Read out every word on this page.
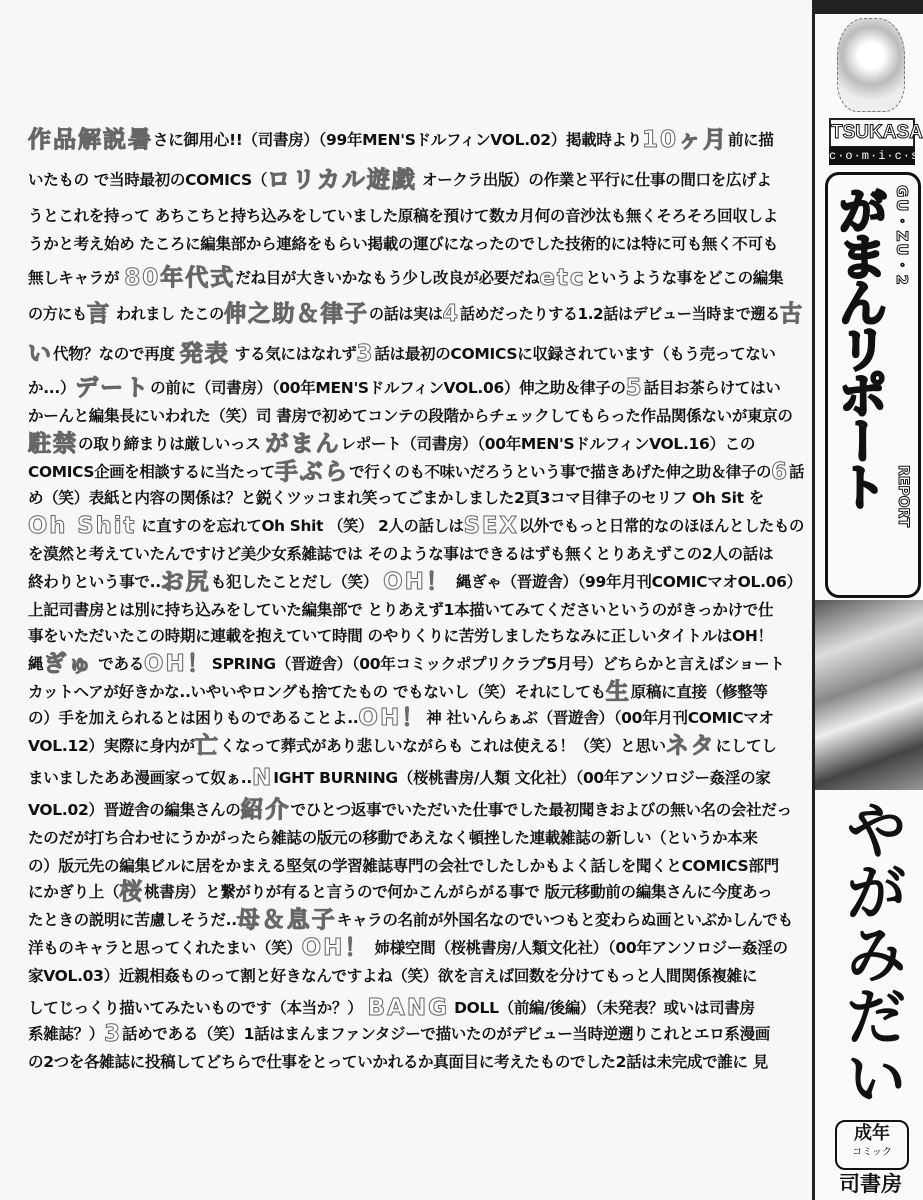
作品解説暑さに御用心!!（司書房）（99年MEN'SドルフィンVOL.02）掲載時より10ヶ月前に描
いたもの で当時最初のCOMICS（ロリカル遊戯 オークラ出版）の作業と平行に仕事の間口を広げよ
うとこれを持って あちこちと持ち込みをしていました原稿を預けて数カ月何の音沙汰も無くそろそろ回収しよ
うかと考え始め たころに編集部から連絡をもらい掲載の運びになったのでした技術的には特に可も無く不可も
無しキャラが 80年代式だね目が大きいかなもう少し改良が必要だねetcというような事をどこの編集
の方にも言 われまし たこの伸之助＆律子の話は実は4話めだったりする1.2話はデビュー当時まで遡る古
い代物？なので再度 発表 する気にはなれず3話は最初のCOMICSに収録されています（もう売ってない
か...）デートの前に（司書房）（00年MEN'SドルフィンVOL.06）伸之助＆律子の5話目お茶らけてはい
かーんと編集長にいわれた（笑）司 書房で初めてコンテの段階からチェックしてもらった作品関係ないが東京の
駐禁の取り締まりは厳しいっス がまんレポート（司書房）（00年MEN'SドルフィンVOL.16）この
COMICS企画を相談するに当たって手ぶらで行くのも不味いだろうという事で描きあげた伸之助＆律子の6話
め（笑）表紙と内容の関係は？と鋭くツッコまれ笑ってごまかしました2頁3コマ目律子のセリフ Oh Sit を
Oh Shit に直すのを忘れてOh Shit （笑） 2人の話しはSEX以外でもっと日常的なのほほんとしたもの
を漠然と考えていたんですけど美少女系雑誌では そのような事はできるはずも無くとりあえずこの2人の話は
終わりという事で..お尻も犯したことだし（笑） OH！ 縄ぎゃ（晋遊舎）（99年月刊COMICマオOL.06）
上記司書房とは別に持ち込みをしていた編集部で とりあえず1本描いてみてくださいというのがきっかけで仕
事をいただいたこの時期に連載を抱えていて時間 のやりくりに苦労しましたちなみに正しいタイトルはOH！
縄ぎゅ であるOH！SPRING（晋遊舎）（00年コミックポプリクラブ5月号）どちらかと言えばショート
カットヘアが好きかな..いやいやロングも捨てたもの でもないし（笑）それにしても生原稿に直接（修整等
の）手を加えられるとは困りものであることよ..OH！神 社いんらぁぶ（晋遊舎）（00年月刊COMICマオ
VOL.12）実際に身内が亡くなって葬式があり悲しいながらも これは使える！（笑）と思いネタにしてし
まいましたああ漫画家って奴ぁ..NIGHT BURNING（桜桃書房/人類 文化社）（00年アンソロジー姦淫の家
VOL.02）晋遊舎の編集さんの紹介でひとつ返事でいただいた仕事でした最初聞きおよびの無い名の会社だっ
たのだが打ち合わせにうかがったら雑誌の版元の移動であえなく頓挫した連載雑誌の新しい（というか本来
の）版元先の編集ビルに居をかまえる堅気の学習雑誌専門の会社でしたしかもよく話しを聞くとCOMICS部門
にかぎり上（桜桃書房）と繋がりが有ると言うので何かこんがらがる事で 版元移動前の編集さんに今度あっ
たときの説明に苦慮しそうだ..母＆息子キャラの名前が外国名なのでいつもと変わらぬ画といぶかしんでも
洋ものキャラと思ってくれたまい（笑）OH！ 姉様空間（桜桃書房/人類文化社）（00年アンソロジー姦淫の
家VOL.03）近親相姦ものって割と好きなんですよね（笑）欲を言えば回数を分けてもっと人間関係複雑に
してじっくり描いてみたいものです（本当か？） BANG DOLL（前編/後編）（未発表？或いは司書房
系雑誌？）3話めである（笑）1話はまんまファンタジーで描いたのがデビュー当時逆遡りこれとエロ系漫画
の2つを各雑誌に投稿してどちらで仕事をとっていかれるか真面目に考えたものでした2話は未完成で誰に 見
TSUKASA
c·o·m·i·c·s
GU・ZU・2
がまんリポート REPORT
やがみだい
成年
コミック
司書房
